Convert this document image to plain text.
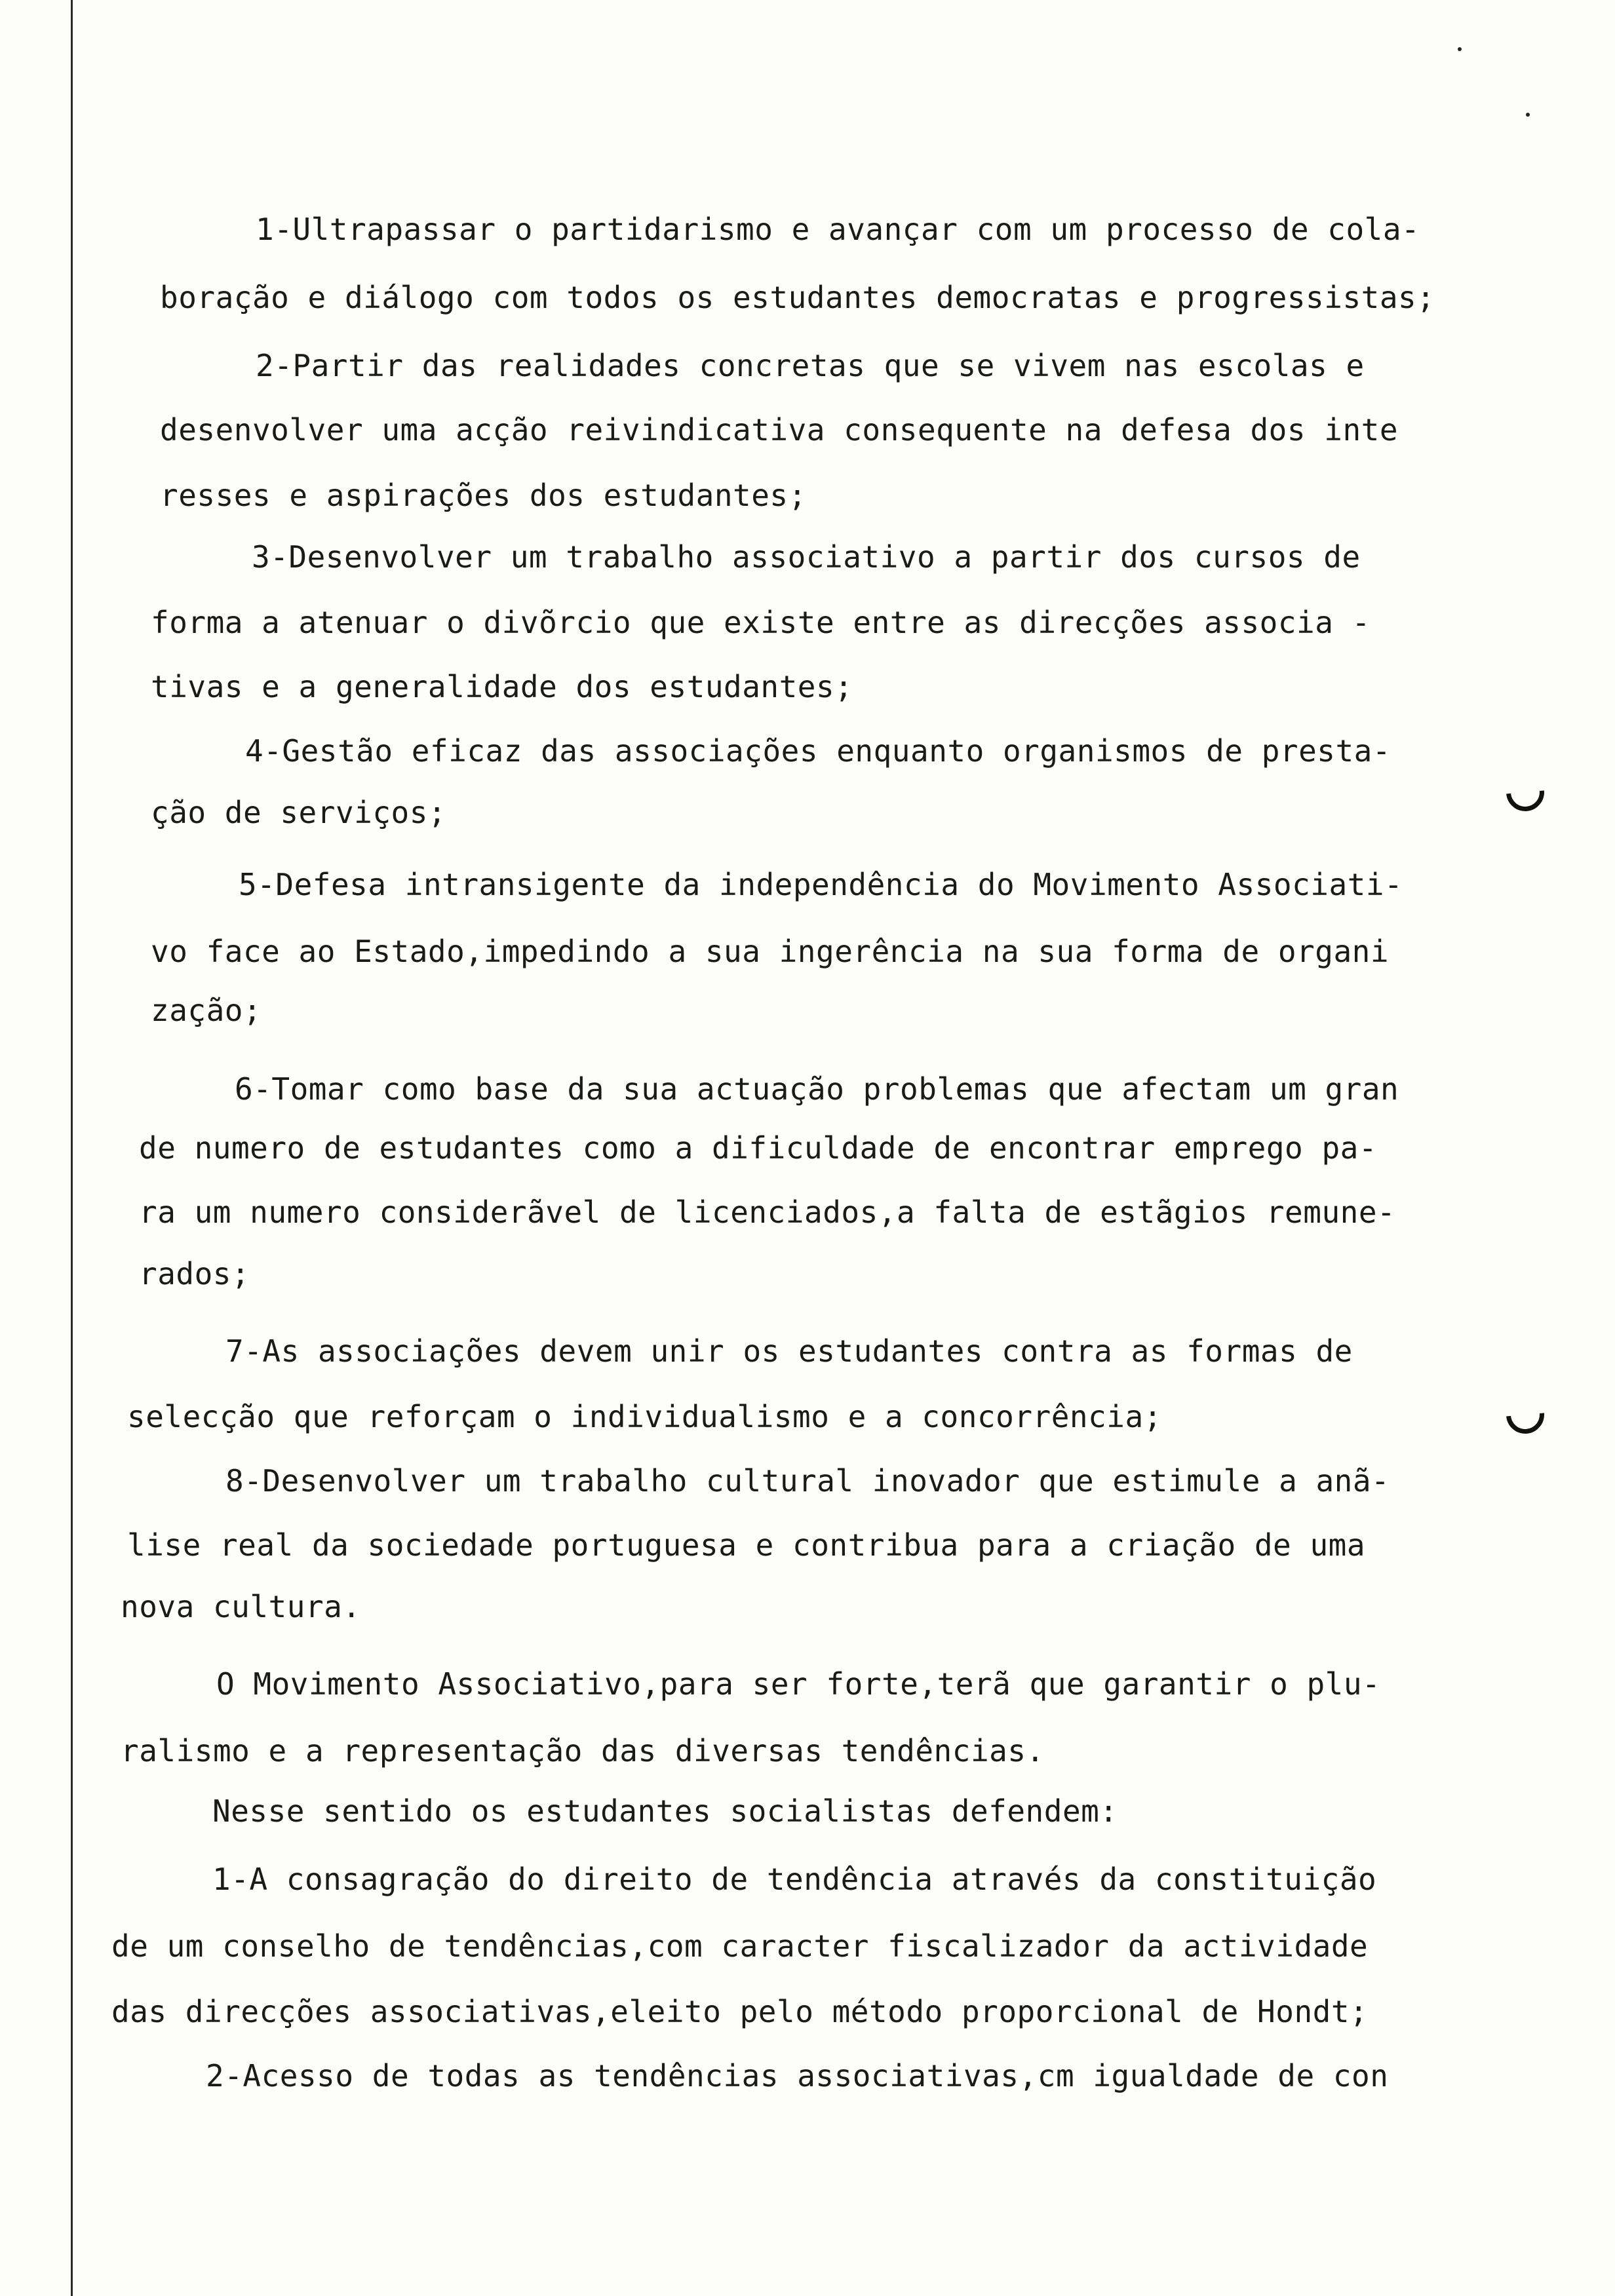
1-Ultrapassar o partidarismo e avançar com um processo de cola-
boração e diálogo com todos os estudantes democratas e progressistas;
2-Partir das realidades concretas que se vivem nas escolas e
desenvolver uma acção reivindicativa consequente na defesa dos inte
resses e aspirações dos estudantes;
3-Desenvolver um trabalho associativo a partir dos cursos de
forma a atenuar o divõrcio que existe entre as direcções associa -
tivas e a generalidade dos estudantes;
4-Gestão eficaz das associações enquanto organismos de presta-
ção de serviços;
5-Defesa intransigente da independência do Movimento Associati-
vo face ao Estado,impedindo a sua ingerência na sua forma de organi
zação;
6-Tomar como base da sua actuação problemas que afectam um gran
de numero de estudantes como a dificuldade de encontrar emprego pa-
ra um numero considerãvel de licenciados,a falta de estãgios remune-
rados;
7-As associações devem unir os estudantes contra as formas de
selecção que reforçam o individualismo e a concorrência;
8-Desenvolver um trabalho cultural inovador que estimule a anã-
lise real da sociedade portuguesa e contribua para a criação de uma
nova cultura.
O Movimento Associativo,para ser forte,terã que garantir o plu-
ralismo e a representação das diversas tendências.
Nesse sentido os estudantes socialistas defendem:
1-A consagração do direito de tendência através da constituição
de um conselho de tendências,com caracter fiscalizador da actividade
das direcções associativas,eleito pelo método proporcional de Hondt;
2-Acesso de todas as tendências associativas,cm igualdade de con
